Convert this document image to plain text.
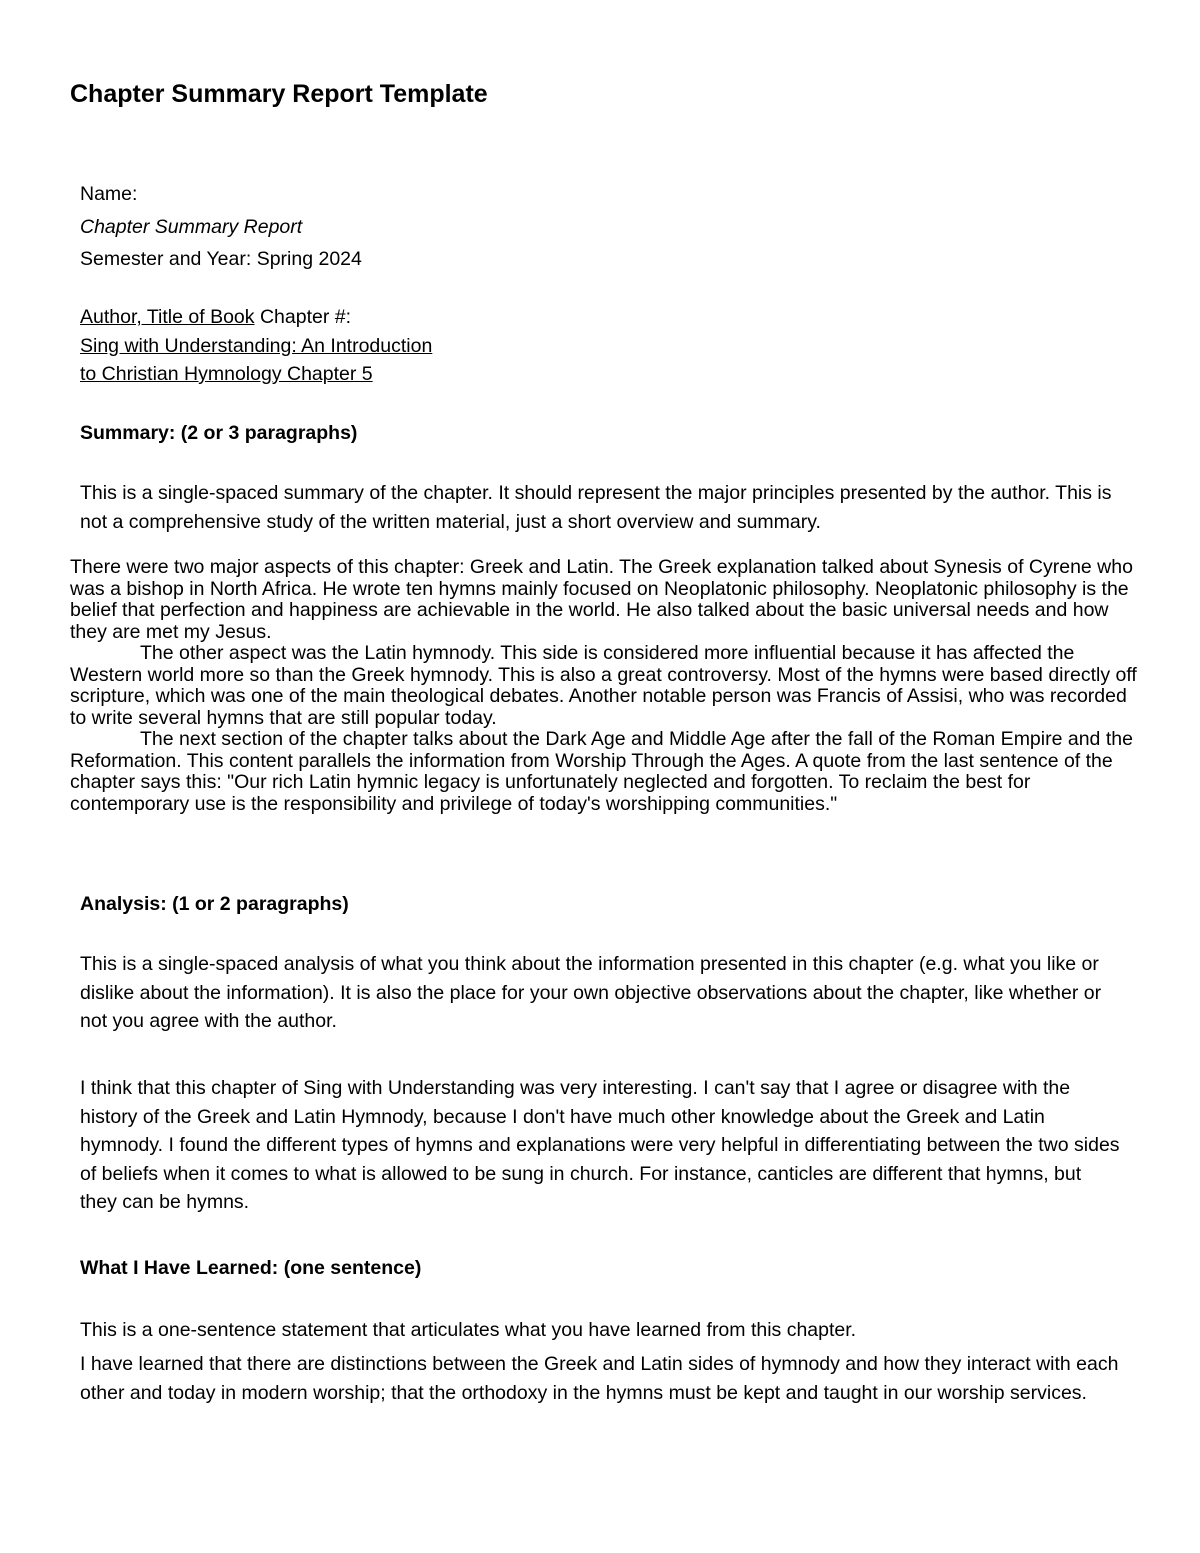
Chapter Summary Report Template
Name:
Chapter Summary Report
Semester and Year: Spring 2024
Author, Title of Book Chapter #:
Sing with Understanding: An Introduction
to Christian Hymnology Chapter 5
Summary: (2 or 3 paragraphs)
This is a single-spaced summary of the chapter. It should represent the major principles presented by the author. This is not a comprehensive study of the written material, just a short overview and summary.

There were two major aspects of this chapter: Greek and Latin. The Greek explanation talked about Synesis of Cyrene who was a bishop in North Africa. He wrote ten hymns mainly focused on Neoplatonic philosophy. Neoplatonic philosophy is the belief that perfection and happiness are achievable in the world. He also talked about the basic universal needs and how they are met my Jesus.

The other aspect was the Latin hymnody. This side is considered more influential because it has affected the Western world more so than the Greek hymnody. This is also a great controversy. Most of the hymns were based directly off scripture, which was one of the main theological debates. Another notable person was Francis of Assisi, who was recorded to write several hymns that are still popular today.

The next section of the chapter talks about the Dark Age and Middle Age after the fall of the Roman Empire and the Reformation. This content parallels the information from Worship Through the Ages. A quote from the last sentence of the chapter says this: "Our rich Latin hymnic legacy is unfortunately neglected and forgotten. To reclaim the best for contemporary use is the responsibility and privilege of today's worshipping communities."

Analysis: (1 or 2 paragraphs)
This is a single-spaced analysis of what you think about the information presented in this chapter (e.g. what you like or dislike about the information). It is also the place for your own objective observations about the chapter, like whether or not you agree with the author.

I think that this chapter of Sing with Understanding was very interesting. I can't say that I agree or disagree with the history of the Greek and Latin Hymnody, because I don't have much other knowledge about the Greek and Latin hymnody. I found the different types of hymns and explanations were very helpful in differentiating between the two sides of beliefs when it comes to what is allowed to be sung in church. For instance, canticles are different that hymns, but they can be hymns.

What I Have Learned: (one sentence)
This is a one-sentence statement that articulates what you have learned from this chapter.

I have learned that there are distinctions between the Greek and Latin sides of hymnody and how they interact with each other and today in modern worship; that the orthodoxy in the hymns must be kept and taught in our worship services.
